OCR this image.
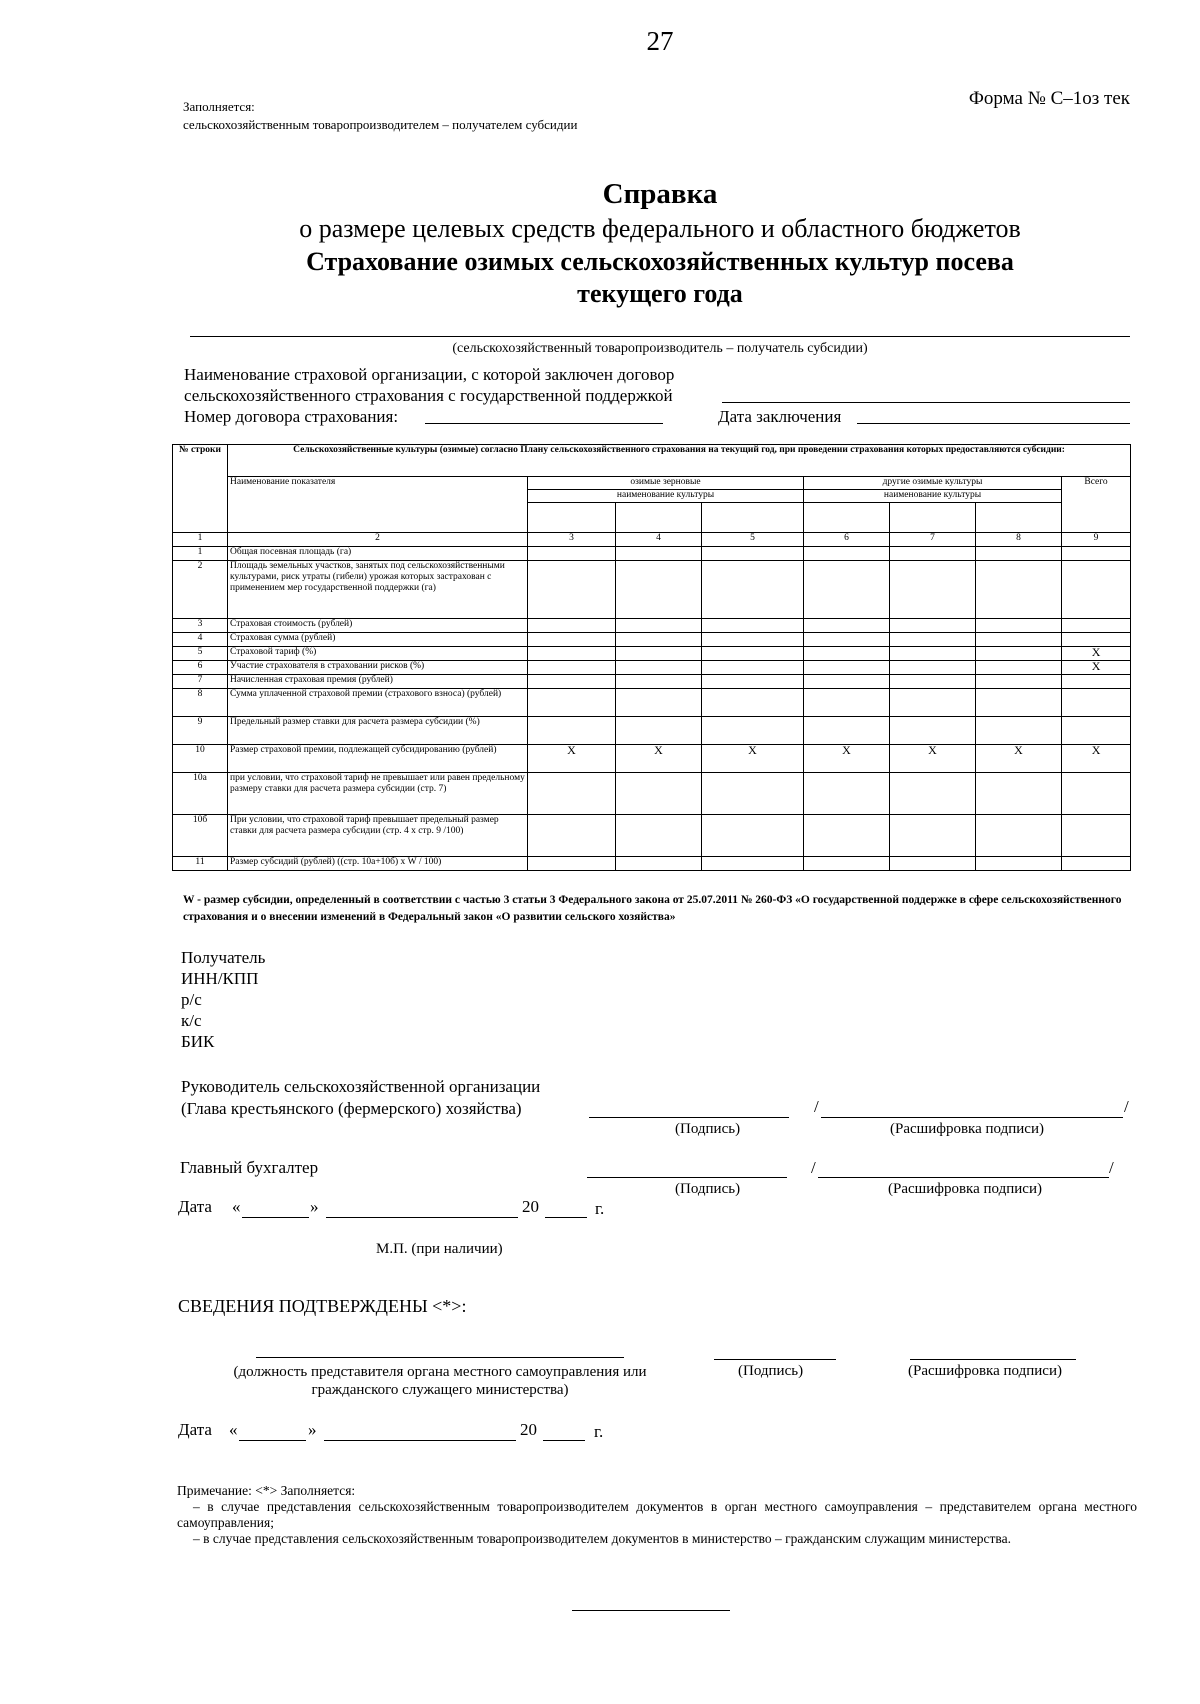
27
Заполняется:
сельскохозяйственным товаропроизводителем – получателем субсидии
Форма № С–1оз тек
Справка
о размере целевых средств федерального и областного бюджетов
Страхование озимых сельскохозяйственных культур посева
текущего года
(сельскохозяйственный товаропроизводитель – получатель субсидии)
Наименование страховой организации, с которой заключен договор
сельскохозяйственного страхования с государственной поддержкой
Номер договора страхования:	Дата заключения
№ строки	Сельскохозяйственные культуры (озимые) согласно Плану сельскохозяйственного страхования на текущий год, при проведении страхования которых предоставляются субсидии:							
	Наименование показателя	озимые зерновые			другие озимые культуры			Всего
		наименование культуры			наименование культуры			

1	2	3	4	5	6	7	8	9
1	Общая посевная площадь (га)							
2	Площадь земельных участков, занятых под сельскохозяйственными культурами, риск утраты (гибели) урожая которых застрахован с применением мер государственной поддержки (га)							
3	Страховая стоимость (рублей)							
4	Страховая сумма (рублей)							
5	Страховой тариф (%)							Х
6	Участие страхователя в страховании рисков (%)							Х
7	Начисленная страховая премия (рублей)							
8	Сумма уплаченной страховой премии (страхового взноса) (рублей)							
9	Предельный размер ставки для расчета размера субсидии (%)							
10	Размер страховой премии, подлежащей субсидированию (рублей)	Х	Х	Х	Х	Х	Х	Х
10а	при условии, что страховой тариф не превышает или равен предельному размеру ставки для расчета размера субсидии (стр. 7)							
10б	При условии, что страховой тариф превышает предельный размер ставки для расчета размера субсидии (стр. 4 х стр. 9 /100)							
11	Размер субсидий (рублей) ((стр. 10а+10б) х W / 100)							
W - размер субсидии, определенный в соответствии с частью 3 статьи 3 Федерального закона от 25.07.2011 № 260-ФЗ «О государственной поддержке в сфере сельскохозяйственного страхования и о внесении изменений в Федеральный закон «О развитии сельского хозяйства»
Получатель
ИНН/КПП
р/с
к/с
БИК
Руководитель сельскохозяйственной организации
(Глава крестьянского (фермерского) хозяйства)	/	/
(Подпись)	(Расшифровка подписи)
Главный бухгалтер	/	/
(Подпись)	(Расшифровка подписи)
Дата «	»	20	г.
М.П. (при наличии)
СВЕДЕНИЯ ПОДТВЕРЖДЕНЫ <*>:
(должность представителя органа местного самоуправления или
гражданского служащего министерства)
(Подпись)	(Расшифровка подписи)
Дата «	»	20	г.
Примечание: <*> Заполняется:
– в случае представления сельскохозяйственным товаропроизводителем документов в орган местного самоуправления – представителем органа местного самоуправления;
– в случае представления сельскохозяйственным товаропроизводителем документов в министерство – гражданским служащим министерства.
